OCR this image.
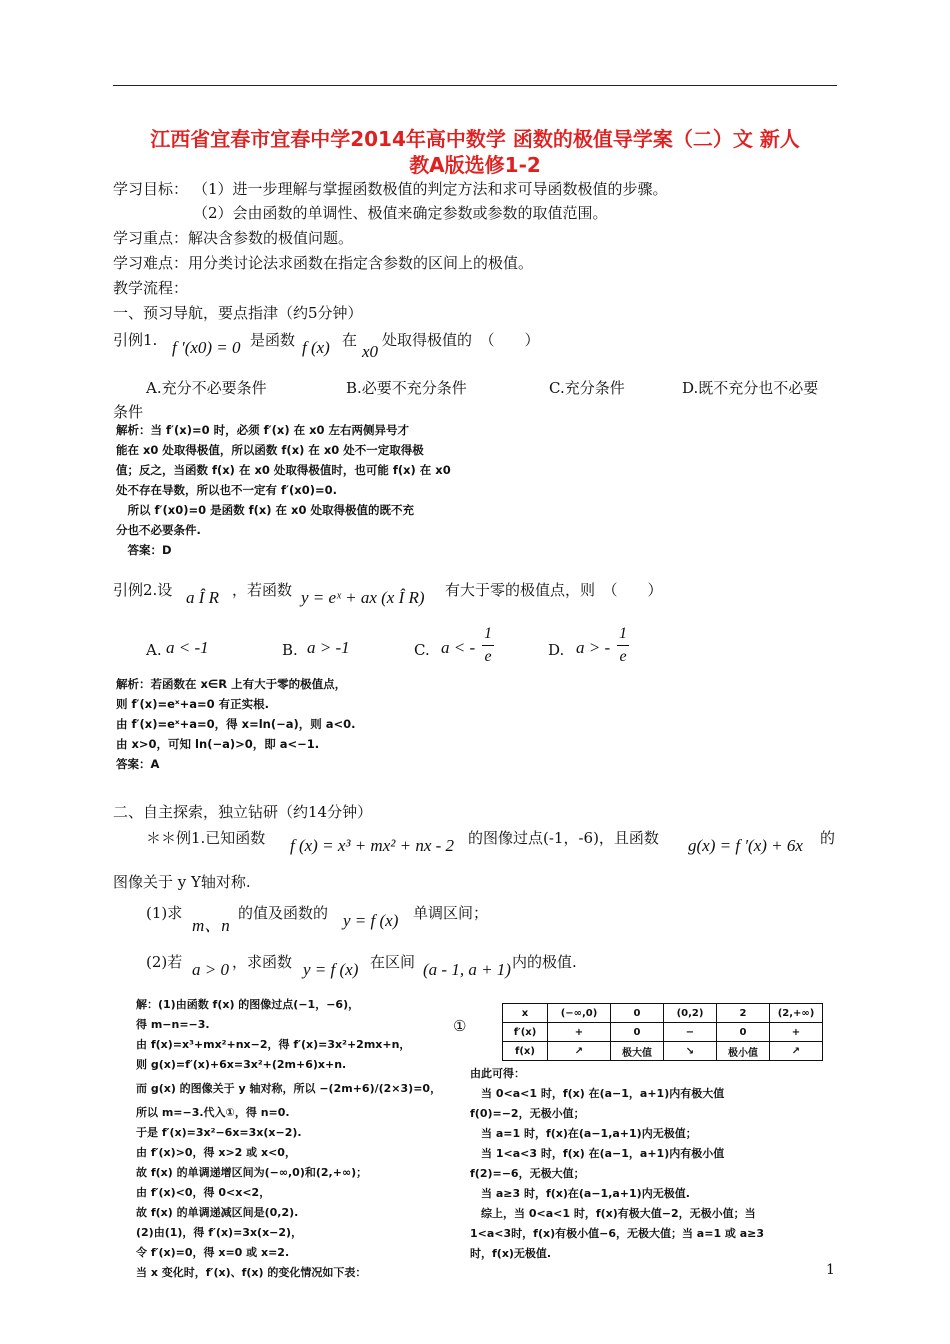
江西省宜春市宜春中学2014年高中数学 函数的极值导学案（二）文 新人
教A版选修1-2
学习目标： （1）进一步理解与掌握函数极值的判定方法和求可导函数极值的步骤。
（2）会由函数的单调性、极值来确定参数或参数的取值范围。
学习重点：解决含参数的极值问题。
学习难点：用分类讨论法求函数在指定含参数的区间上的极值。
教学流程：
一、预习导航，要点指津（约5分钟）
引例1. f ′(x0) = 0 是函数 f (x) 在
x0
处取得极值的　（　　）
A.充分不必要条件	B.必要不充分条件	C.充分条件	D.既不充分也不必要
条件
解析：当 f′(x)=0 时，必须 f′(x) 在 x0 左右两侧异号才
能在 x0 处取得极值，所以函数 f(x) 在 x0 处不一定取得极
值；反之，当函数 f(x) 在 x0 处取得极值时，也可能 f(x) 在 x0
处不存在导数，所以也不一定有 f′(x0)=0.
　所以 f′(x0)=0 是函数 f(x) 在 x0 处取得极值的既不充
分也不必要条件.
　答案：D
引例2.设 a Î R ，若函数 y = eˣ + ax (x Î R) 有大于零的极值点，则　（　　）
A. a < -1	B. a > -1	C. a < -
1
e	D. a > -
1
e
解析：若函数在 x∈R 上有大于零的极值点，
则 f′(x)=eˣ+a=0 有正实根.
由 f′(x)=eˣ+a=0，得 x=ln(−a)，则 a<0.
由 x>0，可知 ln(−a)>0，即 a<−1.
答案：A
二、自主探索，独立钻研（约14分钟）
＊＊例1.已知函数 f (x) = x³ + mx² + nx - 2 的图像过点(-1，-6)，且函数 g(x) = f ′(x) + 6x 的
图像关于 y Y轴对称.
(1)求
m、n
的值及函数的 y = f (x) 单调区间；
(2)若 a > 0 ，求函数 y = f (x) 在区间 (a - 1, a + 1) 内的极值.
解：(1)由函数 f(x) 的图像过点(−1，−6)，
得 m−n=−3.
由 f(x)=x³+mx²+nx−2，得 f′(x)=3x²+2mx+n，
则 g(x)=f′(x)+6x=3x²+(2m+6)x+n.
而 g(x) 的图像关于 y 轴对称，所以 −(2m+6)/(2×3)=0，
所以 m=−3.代入①，得 n=0.
于是 f′(x)=3x²−6x=3x(x−2).
由 f′(x)>0，得 x>2 或 x<0，
故 f(x) 的单调递增区间为(−∞,0)和(2,+∞)；
由 f′(x)<0，得 0<x<2，
故 f(x) 的单调递减区间是(0,2).
(2)由(1)，得 f′(x)=3x(x−2)，
令 f′(x)=0，得 x=0 或 x=2.
当 x 变化时，f′(x)、f(x) 的变化情况如下表：
①
x	(−∞,0)	0	(0,2)	2	(2,+∞)
f′(x)	+	0	−	0	+
f(x)	↗	极大值	↘	极小值	↗
由此可得：
　当 0<a<1 时，f(x) 在(a−1，a+1)内有极大值
f(0)=−2，无极小值；
　当 a=1 时，f(x)在(a−1,a+1)内无极值；
　当 1<a<3 时，f(x) 在(a−1，a+1)内有极小值
f(2)=−6，无极大值；
　当 a≥3 时，f(x)在(a−1,a+1)内无极值.
　综上，当 0<a<1 时，f(x)有极大值−2，无极小值；当
1<a<3时，f(x)有极小值−6，无极大值；当 a=1 或 a≥3
时，f(x)无极值.
1
